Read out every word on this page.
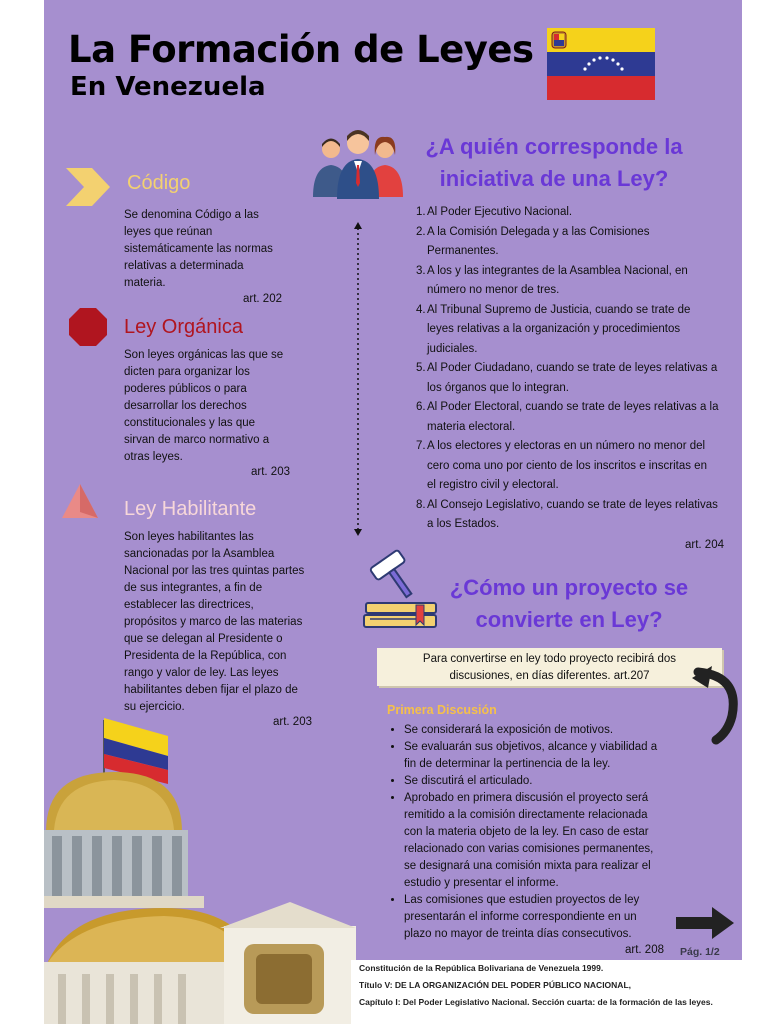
La Formación de Leyes
En Venezuela
Código
Se denomina Código a las
leyes que reúnan
sistemáticamente las normas
relativas a determinada
materia.
art. 202
Ley Orgánica
Son leyes orgánicas las que se
dicten para organizar los
poderes públicos o para
desarrollar los derechos
constitucionales y las que
sirvan de marco normativo a
otras leyes.
art. 203
Ley Habilitante
Son leyes habilitantes las
sancionadas por la Asamblea
Nacional por las tres quintas partes
de sus integrantes, a fin de
establecer las directrices,
propósitos y marco de las materias
que se delegan al Presidente o
Presidenta de la República, con
rango y valor de ley. Las leyes
habilitantes deben fijar el plazo de
su ejercicio.
art. 203
¿A quién corresponde la
iniciativa de una Ley?
1. Al Poder Ejecutivo Nacional.
2. A la Comisión Delegada y a las Comisiones
Permanentes.
3. A los y las integrantes de la Asamblea Nacional, en
número no menor de tres.
4. Al Tribunal Supremo de Justicia, cuando se trate de
leyes relativas a la organización y procedimientos
judiciales.
5. Al Poder Ciudadano, cuando se trate de leyes relativas a
los órganos que lo integran.
6. Al Poder Electoral, cuando se trate de leyes relativas a la
materia electoral.
7. A los electores y electoras en un número no menor del
cero coma uno por ciento de los inscritos e inscritas en
el registro civil y electoral.
8. Al Consejo Legislativo, cuando se trate de leyes relativas
a los Estados.
art. 204
¿Cómo un proyecto se
convierte en Ley?
Para convertirse en ley todo proyecto recibirá dos
discusiones, en días diferentes. art.207
Primera Discusión
• Se considerará la exposición de motivos.
• Se evaluarán sus objetivos, alcance y viabilidad a
fin de determinar la pertinencia de la ley.
• Se discutirá el articulado.
• Aprobado en primera discusión el proyecto será
remitido a la comisión directamente relacionada
con la materia objeto de la ley. En caso de estar
relacionado con varias comisiones permanentes,
se designará una comisión mixta para realizar el
estudio y presentar el informe.
• Las comisiones que estudien proyectos de ley
presentarán el informe correspondiente en un
plazo no mayor de treinta días consecutivos.
art. 208 Pág. 1/2
Constitución de la República Bolivariana de Venezuela 1999.
Título V: DE LA ORGANIZACIÓN DEL PODER PÚBLICO NACIONAL,
Capítulo I: Del Poder Legislativo Nacional. Sección cuarta: de la formación de las leyes.
